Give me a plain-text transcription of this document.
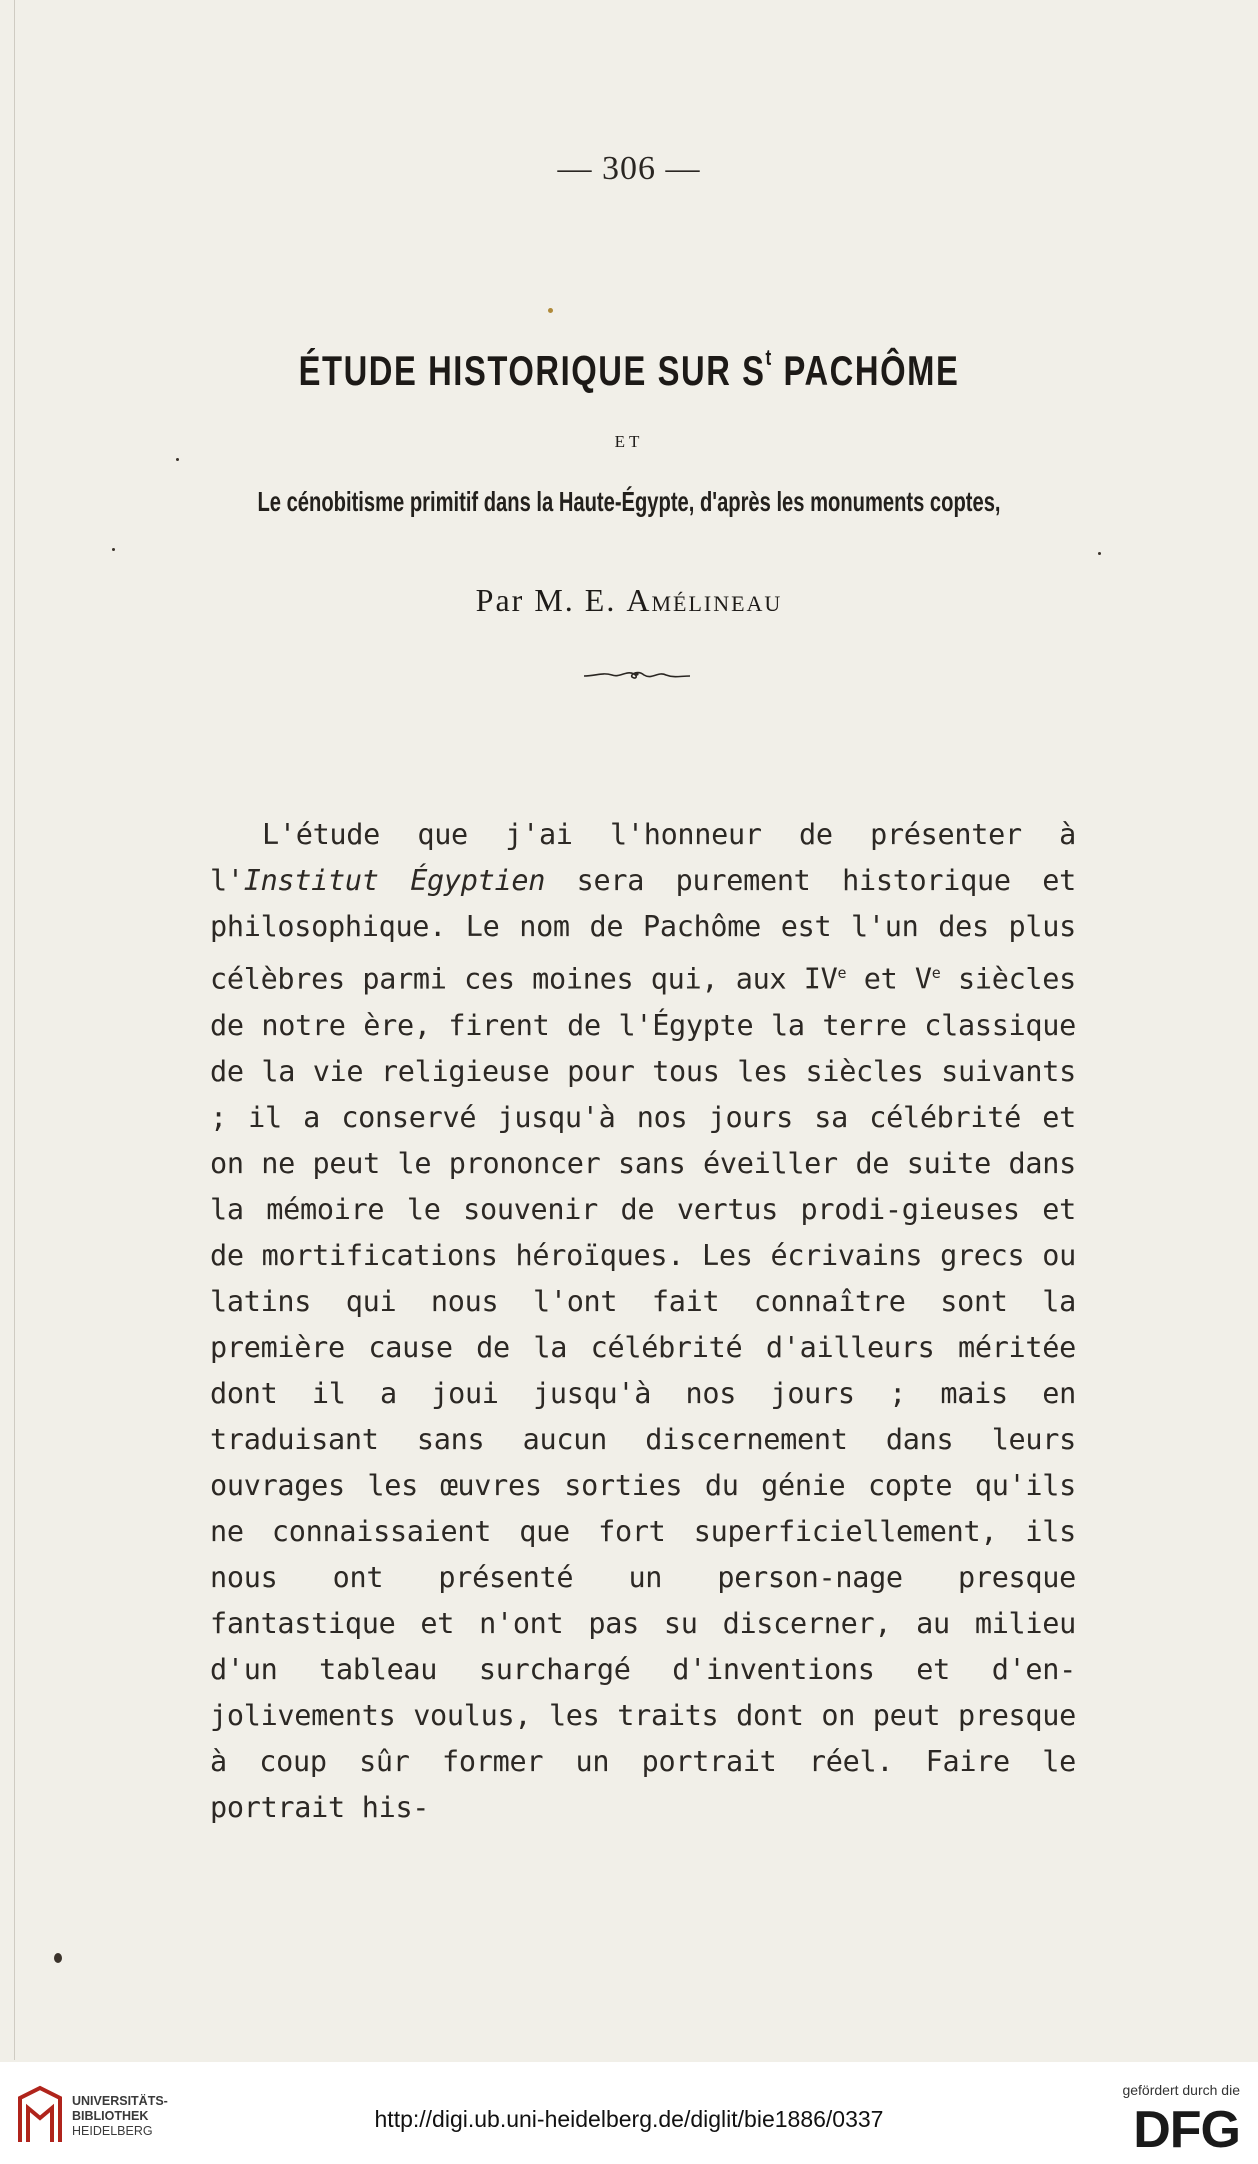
— 306 —
ÉTUDE HISTORIQUE SUR $S^t$ PACHÔME
ET
Le cénobitisme primitif dans la Haute-Égypte, d'après les monuments coptes,
Par M. E. Amélineau

L'étude que j'ai l'honneur de présenter à l'Institut Égyptien sera purement historique et philosophique. Le nom de Pachôme est l'un des plus célèbres parmi ces moines qui, aux IVe et Ve siècles de notre ère, firent de l'Égypte la terre classique de la vie religieuse pour tous les siècles suivants ; il a conservé jusqu'à nos jours sa célébrité et on ne peut le prononcer sans éveiller de suite dans la mémoire le souvenir de vertus prodi-gieuses et de mortifications héroïques. Les écrivains grecs ou latins qui nous l'ont fait connaître sont la première cause de la célébrité d'ailleurs méritée dont il a joui jusqu'à nos jours ; mais en traduisant sans aucun discernement dans leurs ouvrages les œuvres sorties du génie copte qu'ils ne connaissaient que fort superficiellement, ils nous ont présenté un person-nage presque fantastique et n'ont pas su discerner, au milieu d'un tableau surchargé d'inventions et d'en-jolivements voulus, les traits dont on peut presque à coup sûr former un portrait réel. Faire le portrait his-

UNIVERSITÄTS-
BIBLIOTHEK
HEIDELBERG	http://digi.ub.uni-heidelberg.de/diglit/bie1886/0337
gefördert durch die
DFG
